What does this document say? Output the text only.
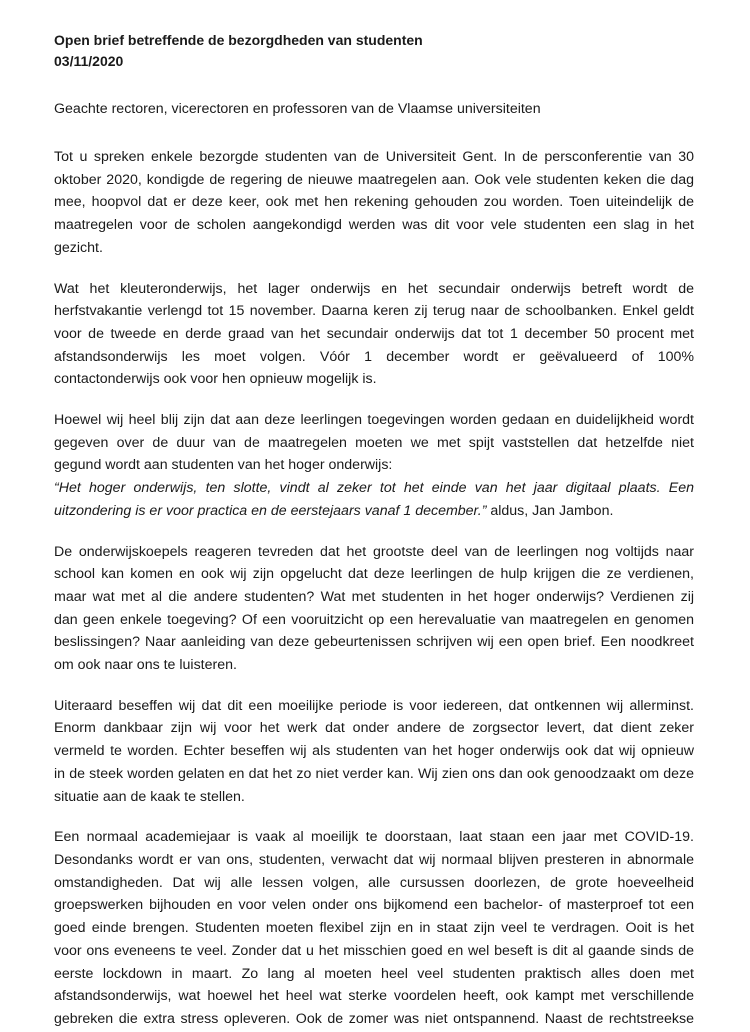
Open brief betreffende de bezorgdheden van studenten
03/11/2020
Geachte rectoren, vicerectoren en professoren van de Vlaamse universiteiten

Tot u spreken enkele bezorgde studenten van de Universiteit Gent. In de persconferentie van 30
oktober 2020, kondigde de regering de nieuwe maatregelen aan. Ook vele studenten keken die dag
mee, hoopvol dat er deze keer, ook met hen rekening gehouden zou worden. Toen uiteindelijk de
maatregelen voor de scholen aangekondigd werden was dit voor vele studenten een slag in het
gezicht.

Wat het kleuteronderwijs, het lager onderwijs en het secundair onderwijs betreft wordt de
herfstvakantie verlengd tot 15 november. Daarna keren zij terug naar de schoolbanken. Enkel geldt
voor de tweede en derde graad van het secundair onderwijs dat tot 1 december 50 procent met
afstandsonderwijs les moet volgen. Vóór 1 december wordt er geëvalueerd of 100%
contactonderwijs ook voor hen opnieuw mogelijk is.

Hoewel wij heel blij zijn dat aan deze leerlingen toegevingen worden gedaan en duidelijkheid wordt
gegeven over de duur van de maatregelen moeten we met spijt vaststellen dat hetzelfde niet
gegund wordt aan studenten van het hoger onderwijs:
“Het hoger onderwijs, ten slotte, vindt al zeker tot het einde van het jaar digitaal plaats. Een
uitzondering is er voor practica en de eerstejaars vanaf 1 december.” aldus, Jan Jambon.

De onderwijskoepels reageren tevreden dat het grootste deel van de leerlingen nog voltijds naar
school kan komen en ook wij zijn opgelucht dat deze leerlingen de hulp krijgen die ze verdienen,
maar wat met al die andere studenten? Wat met studenten in het hoger onderwijs? Verdienen zij
dan geen enkele toegeving? Of een vooruitzicht op een herevaluatie van maatregelen en genomen
beslissingen? Naar aanleiding van deze gebeurtenissen schrijven wij een open brief. Een noodkreet
om ook naar ons te luisteren.

Uiteraard beseffen wij dat dit een moeilijke periode is voor iedereen, dat ontkennen wij allerminst.
Enorm dankbaar zijn wij voor het werk dat onder andere de zorgsector levert, dat dient zeker
vermeld te worden. Echter beseffen wij als studenten van het hoger onderwijs ook dat wij opnieuw
in de steek worden gelaten en dat het zo niet verder kan. Wij zien ons dan ook genoodzaakt om deze
situatie aan de kaak te stellen.

Een normaal academiejaar is vaak al moeilijk te doorstaan, laat staan een jaar met COVID-19.
Desondanks wordt er van ons, studenten, verwacht dat wij normaal blijven presteren in abnormale
omstandigheden. Dat wij alle lessen volgen, alle cursussen doorlezen, de grote hoeveelheid
groepswerken bijhouden en voor velen onder ons bijkomend een bachelor- of masterproef tot een
goed einde brengen. Studenten moeten flexibel zijn en in staat zijn veel te verdragen. Ooit is het
voor ons eveneens te veel. Zonder dat u het misschien goed en wel beseft is dit al gaande sinds de
eerste lockdown in maart. Zo lang al moeten heel veel studenten praktisch alles doen met
afstandsonderwijs, wat hoewel het heel wat sterke voordelen heeft, ook kampt met verschillende
gebreken die extra stress opleveren. Ook de zomer was niet ontspannend. Naast de rechtstreekse
